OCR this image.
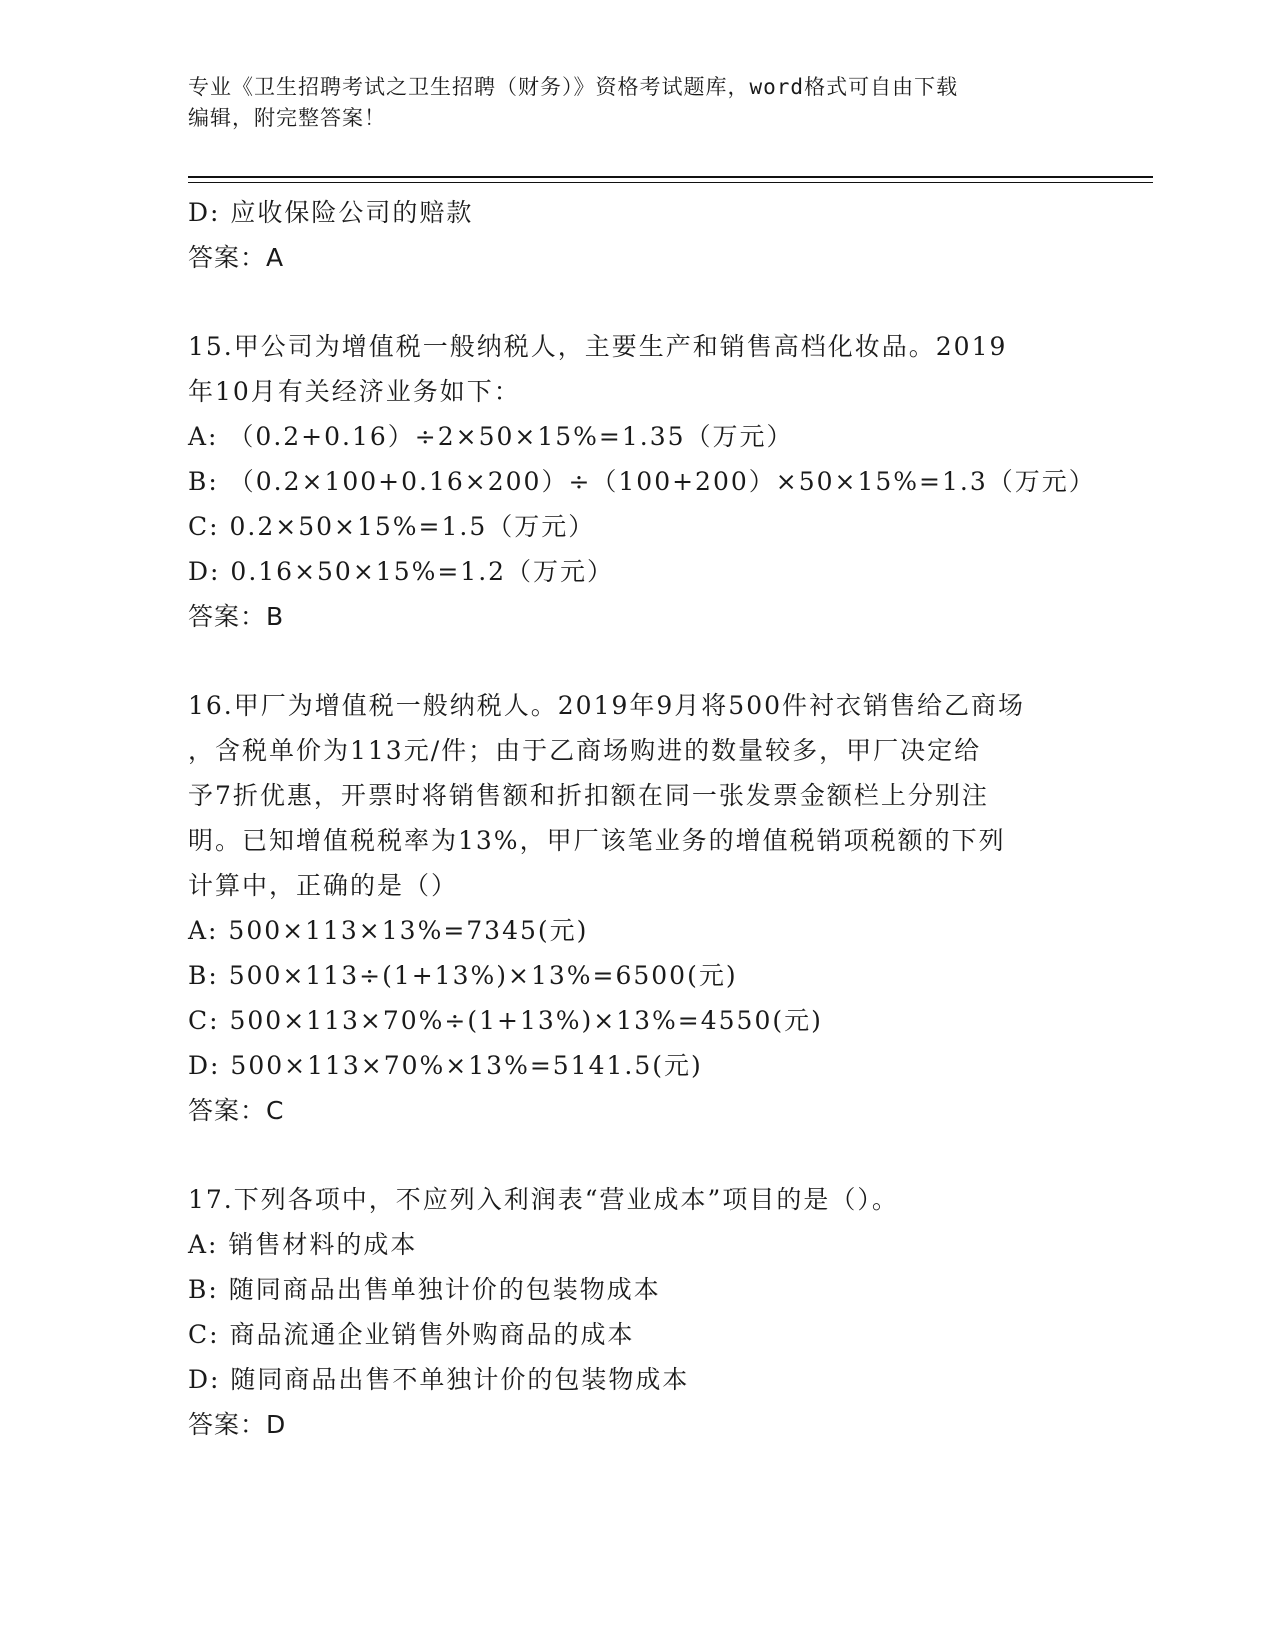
专业《卫生招聘考试之卫生招聘（财务）》资格考试题库，word格式可自由下载
编辑，附完整答案！
D: 应收保险公司的赔款
答案：A
15.甲公司为增值税一般纳税人，主要生产和销售高档化妆品。2019
年10月有关经济业务如下：
A: （0.2+0.16）÷2×50×15%=1.35（万元）
B: （0.2×100+0.16×200）÷（100+200）×50×15%=1.3（万元）
C: 0.2×50×15%=1.5（万元）
D: 0.16×50×15%=1.2（万元）
答案：B
16.甲厂为增值税一般纳税人。2019年9月将500件衬衣销售给乙商场
，含税单价为113元/件；由于乙商场购进的数量较多，甲厂决定给
予7折优惠，开票时将销售额和折扣额在同一张发票金额栏上分别注
明。已知增值税税率为13%，甲厂该笔业务的增值税销项税额的下列
计算中，正确的是（）
A: 500×113×13%=7345(元)
B: 500×113÷(1+13%)×13%=6500(元)
C: 500×113×70%÷(1+13%)×13%=4550(元)
D: 500×113×70%×13%=5141.5(元)
答案：C
17.下列各项中，不应列入利润表“营业成本”项目的是（）。
A: 销售材料的成本
B: 随同商品出售单独计价的包装物成本
C: 商品流通企业销售外购商品的成本
D: 随同商品出售不单独计价的包装物成本
答案：D
